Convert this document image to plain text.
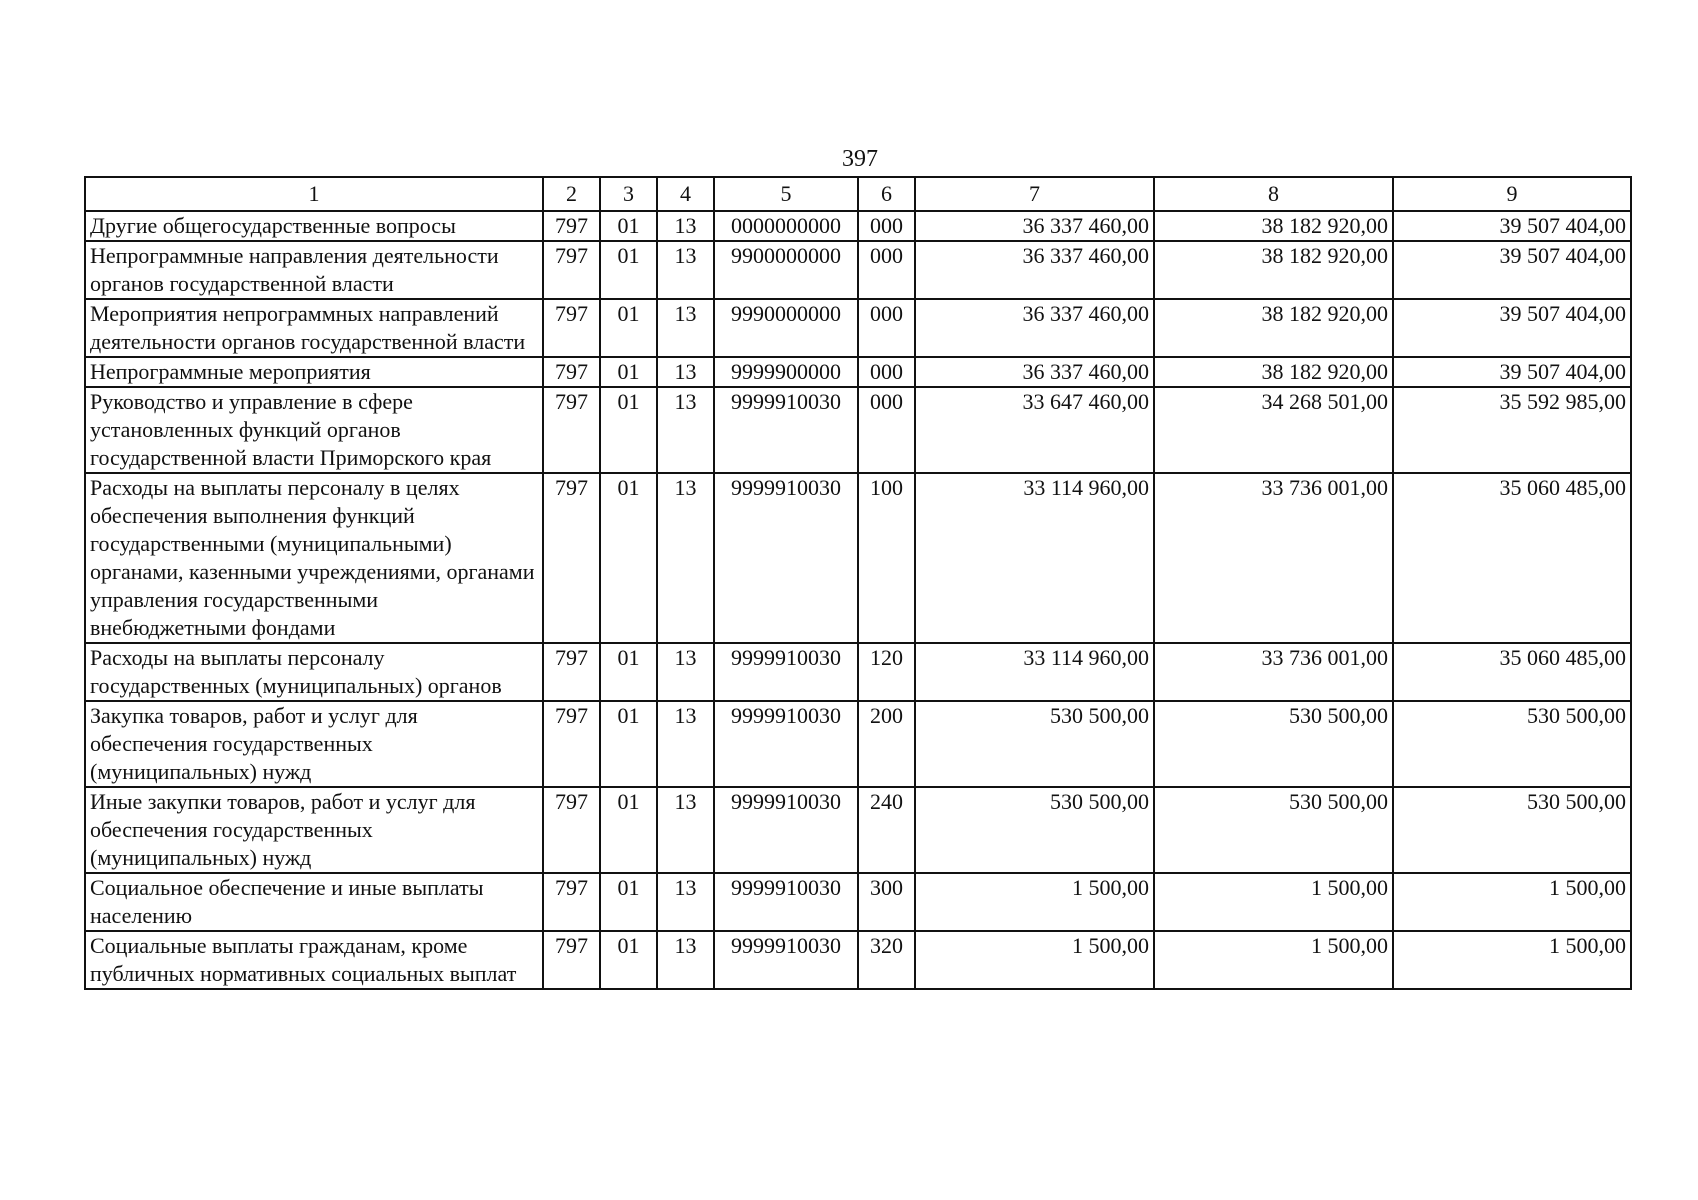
397
1	2	3	4	5	6	7	8	9
Другие общегосударственные вопросы	797	01	13	0000000000	000	36 337 460,00	38 182 920,00	39 507 404,00
Непрограммные направления деятельности органов государственной власти	797	01	13	9900000000	000	36 337 460,00	38 182 920,00	39 507 404,00
Мероприятия непрограммных направлений деятельности органов государственной власти	797	01	13	9990000000	000	36 337 460,00	38 182 920,00	39 507 404,00
Непрограммные мероприятия	797	01	13	9999900000	000	36 337 460,00	38 182 920,00	39 507 404,00
Руководство и управление в сфере установленных функций органов государственной власти Приморского края	797	01	13	9999910030	000	33 647 460,00	34 268 501,00	35 592 985,00
Расходы на выплаты персоналу в целях обеспечения выполнения функций государственными (муниципальными) органами, казенными учреждениями, органами управления государственными внебюджетными фондами	797	01	13	9999910030	100	33 114 960,00	33 736 001,00	35 060 485,00
Расходы на выплаты персоналу государственных (муниципальных) органов	797	01	13	9999910030	120	33 114 960,00	33 736 001,00	35 060 485,00
Закупка товаров, работ и услуг для обеспечения государственных (муниципальных) нужд	797	01	13	9999910030	200	530 500,00	530 500,00	530 500,00
Иные закупки товаров, работ и услуг для обеспечения государственных (муниципальных) нужд	797	01	13	9999910030	240	530 500,00	530 500,00	530 500,00
Социальное обеспечение и иные выплаты населению	797	01	13	9999910030	300	1 500,00	1 500,00	1 500,00
Социальные выплаты гражданам, кроме публичных нормативных социальных выплат	797	01	13	9999910030	320	1 500,00	1 500,00	1 500,00
